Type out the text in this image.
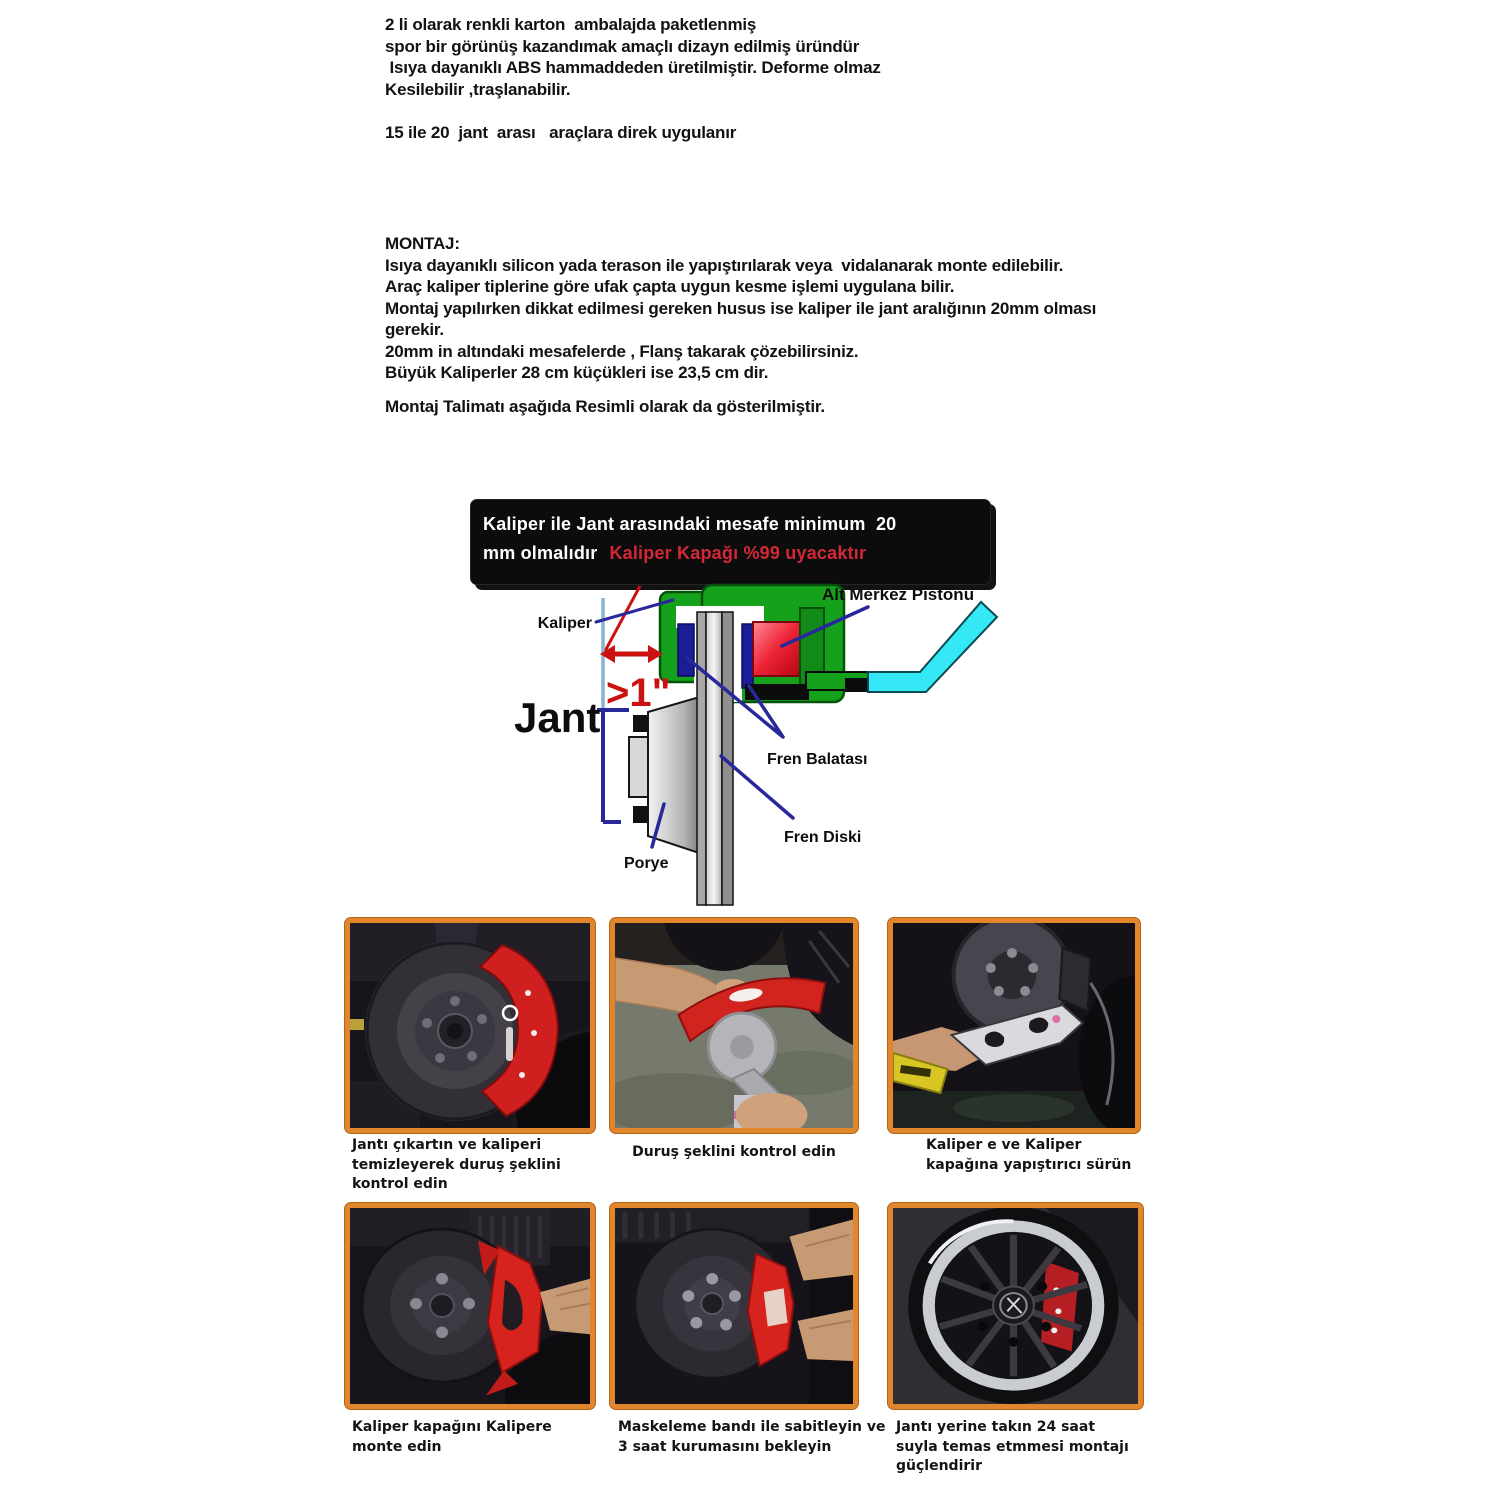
2 li olarak renkli karton  ambalajda paketlenmiş
spor bir görünüş kazandımak amaçlı dizayn edilmiş üründür
Isıya dayanıklı ABS hammaddeden üretilmiştir. Deforme olmaz
Kesilebilir ,traşlanabilir.
15 ile 20  jant  arası   araçlara direk uygulanır
MONTAJ:
Isıya dayanıklı silicon yada terason ile yapıştırılarak veya  vidalanarak monte edilebilir.
Araç kaliper tiplerine göre ufak çapta uygun kesme işlemi uygulana bilir.
Montaj yapılırken dikkat edilmesi gereken husus ise kaliper ile jant aralığının 20mm olması
gerekir.
20mm in altındaki mesafelerde , Flanş takarak çözebilirsiniz.
Büyük Kaliperler 28 cm küçükleri ise 23,5 cm dir.
Montaj Talimatı aşağıda Resimli olarak da gösterilmiştir.
Kaliper ile Jant arasındaki mesafe minimum  20
mm olmalıdır Kaliper Kapağı %99 uyacaktır
>1"
Kaliper
Alt Merkez Pistonu
Jant
Fren Balatası
Fren Diski
Porye
Jantı çıkartın ve kaliperi temizleyerek duruş şeklini kontrol edin
Duruş şeklini kontrol edin	Kaliper e ve Kaliper kapağına yapıştırıcı sürün
Kaliper kapağını Kalipere monte edin
Maskeleme bandı ile sabitleyin ve 3 saat kurumasını bekleyin
Jantı yerine takın 24 saat suyla temas etmmesi montajı güçlendirir
